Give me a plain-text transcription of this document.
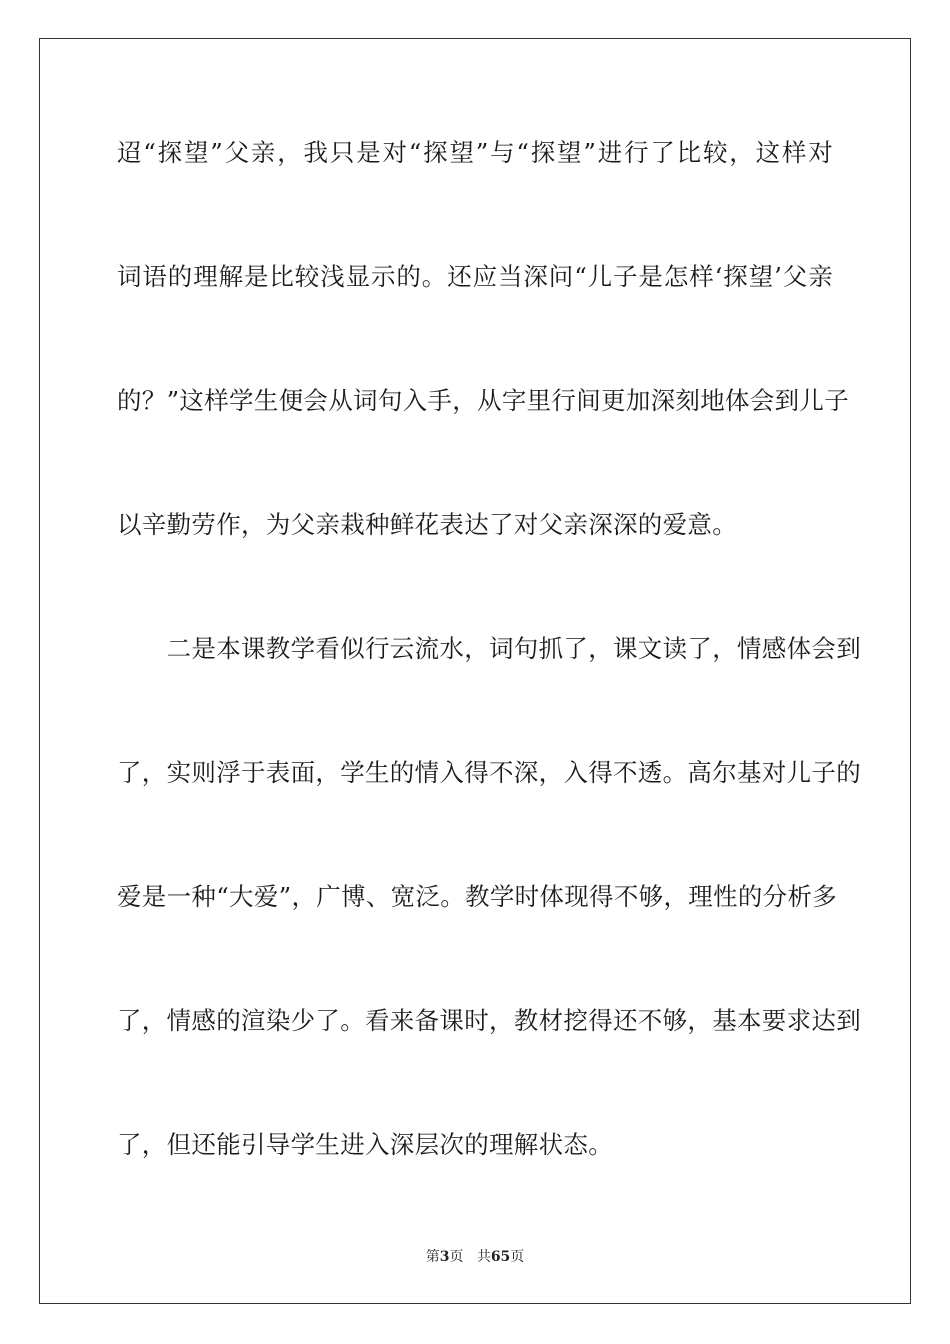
迢“探望”父亲，我只是对“探望”与“探望”进行了比较，这样对
词语的理解是比较浅显示的。还应当深问“儿子是怎样‘探望’父亲
的？”这样学生便会从词句入手，从字里行间更加深刻地体会到儿子
以辛勤劳作，为父亲栽种鲜花表达了对父亲深深的爱意。
　　二是本课教学看似行云流水，词句抓了，课文读了，情感体会到
了，实则浮于表面，学生的情入得不深，入得不透。高尔基对儿子的
爱是一种“大爱”，广博、宽泛。教学时体现得不够，理性的分析多
了，情感的渲染少了。看来备课时，教材挖得还不够，基本要求达到
了，但还能引导学生进入深层次的理解状态。
第3页 共65页
